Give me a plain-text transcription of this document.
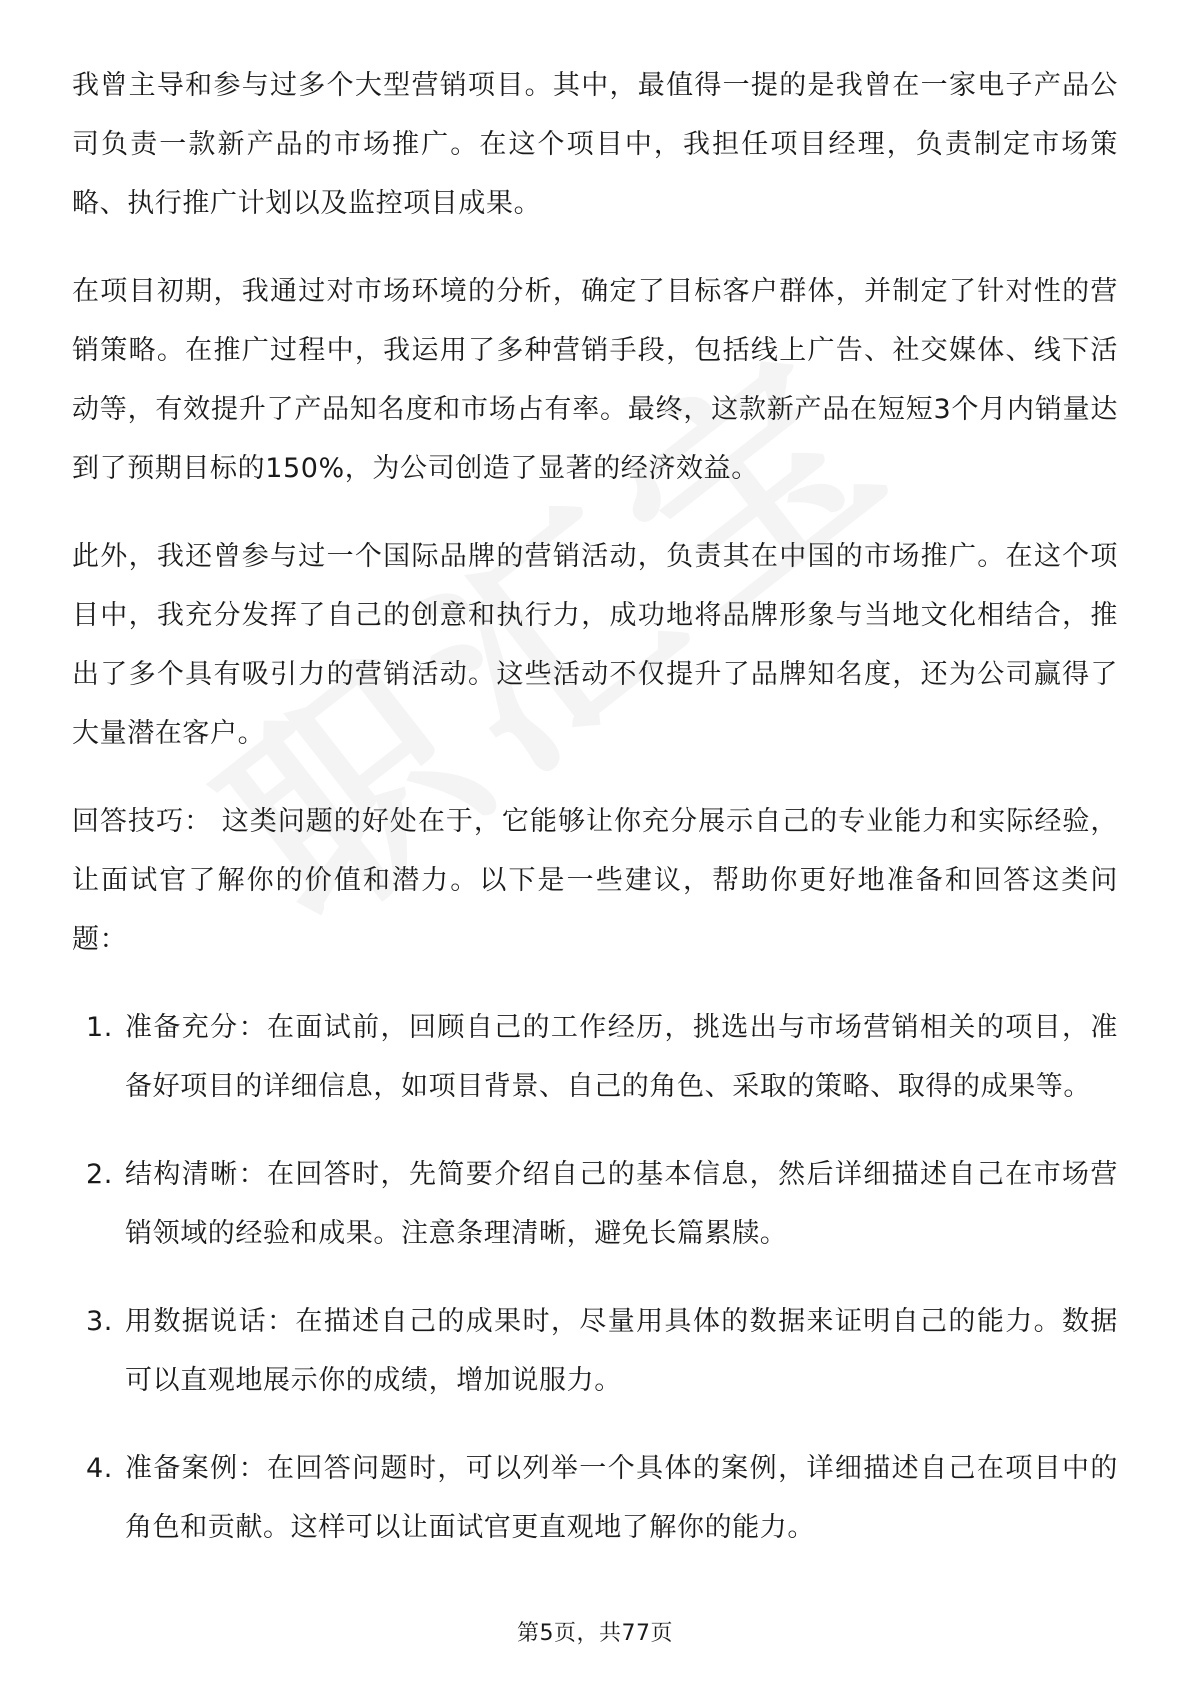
我曾主导和参与过多个大型营销项目。其中，最值得一提的是我曾在一家电子产品公司负责一款新产品的市场推广。在这个项目中，我担任项目经理，负责制定市场策略、执行推广计划以及监控项目成果。

在项目初期，我通过对市场环境的分析，确定了目标客户群体，并制定了针对性的营销策略。在推广过程中，我运用了多种营销手段，包括线上广告、社交媒体、线下活动等，有效提升了产品知名度和市场占有率。最终，这款新产品在短短3个月内销量达到了预期目标的150%，为公司创造了显著的经济效益。

此外，我还曾参与过一个国际品牌的营销活动，负责其在中国的市场推广。在这个项目中，我充分发挥了自己的创意和执行力，成功地将品牌形象与当地文化相结合，推出了多个具有吸引力的营销活动。这些活动不仅提升了品牌知名度，还为公司赢得了大量潜在客户。

回答技巧： 这类问题的好处在于，它能够让你充分展示自己的专业能力和实际经验，让面试官了解你的价值和潜力。以下是一些建议，帮助你更好地准备和回答这类问题：

1. 准备充分：在面试前，回顾自己的工作经历，挑选出与市场营销相关的项目，准备好项目的详细信息，如项目背景、自己的角色、采取的策略、取得的成果等。
2. 结构清晰：在回答时，先简要介绍自己的基本信息，然后详细描述自己在市场营销领域的经验和成果。注意条理清晰，避免长篇累牍。
3. 用数据说话：在描述自己的成果时，尽量用具体的数据来证明自己的能力。数据可以直观地展示你的成绩，增加说服力。
4. 准备案例：在回答问题时，可以列举一个具体的案例，详细描述自己在项目中的角色和贡献。这样可以让面试官更直观地了解你的能力。
第5页，共77页
